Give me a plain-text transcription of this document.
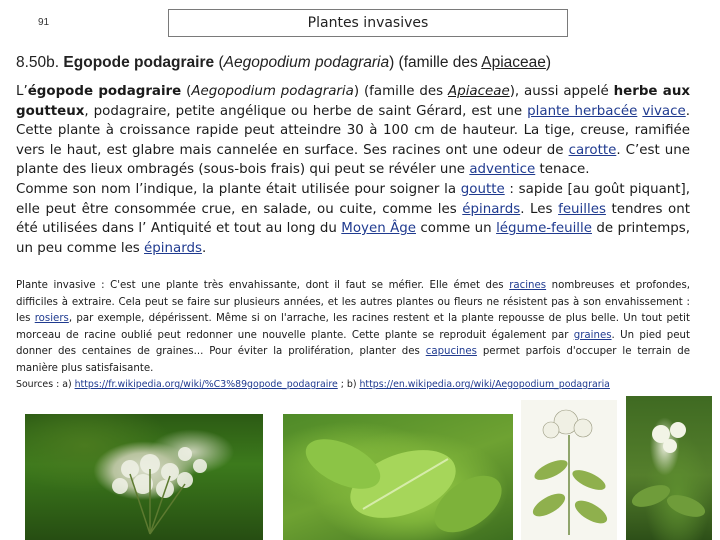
91	Plantes invasives
8.50b. Egopode podagraire (Aegopodium podagraria) (famille des Apiaceae)
L’égopode podagraire (Aegopodium podagraria) (famille des Apiaceae), aussi appelé herbe aux goutteux, podagraire, petite angélique ou herbe de saint Gérard, est une plante herbacée vivace. Cette plante à croissance rapide peut atteindre 30 à 100 cm de hauteur. La tige, creuse, ramifiée vers le haut, est glabre mais cannelée en surface. Ses racines ont une odeur de carotte. C’est une plante des lieux ombragés (sous-bois frais) qui peut se révéler une adventice tenace.
Comme son nom l’indique, la plante était utilisée pour soigner la goutte : sapide [au goût piquant], elle peut être consommée crue, en salade, ou cuite, comme les épinards. Les feuilles tendres ont été utilisées dans l’ Antiquité et tout au long du Moyen Âge comme un légume-feuille de printemps, un peu comme les épinards.
Plante invasive : C'est une plante très envahissante, dont il faut se méfier. Elle émet des racines nombreuses et profondes, difficiles à extraire. Cela peut se faire sur plusieurs années, et les autres plantes ou fleurs ne résistent pas à son envahissement : les rosiers, par exemple, dépérissent. Même si on l'arrache, les racines restent et la plante repousse de plus belle. Un tout petit morceau de racine oublié peut redonner une nouvelle plante. Cette plante se reproduit également par graines. Un pied peut donner des centaines de graines... Pour éviter la prolifération, planter des capucines permet parfois d'occuper le terrain de manière plus satisfaisante.
Sources : a) https://fr.wikipedia.org/wiki/%C3%89gopode_podagraire ; b) https://en.wikipedia.org/wiki/Aegopodium_podagraria
